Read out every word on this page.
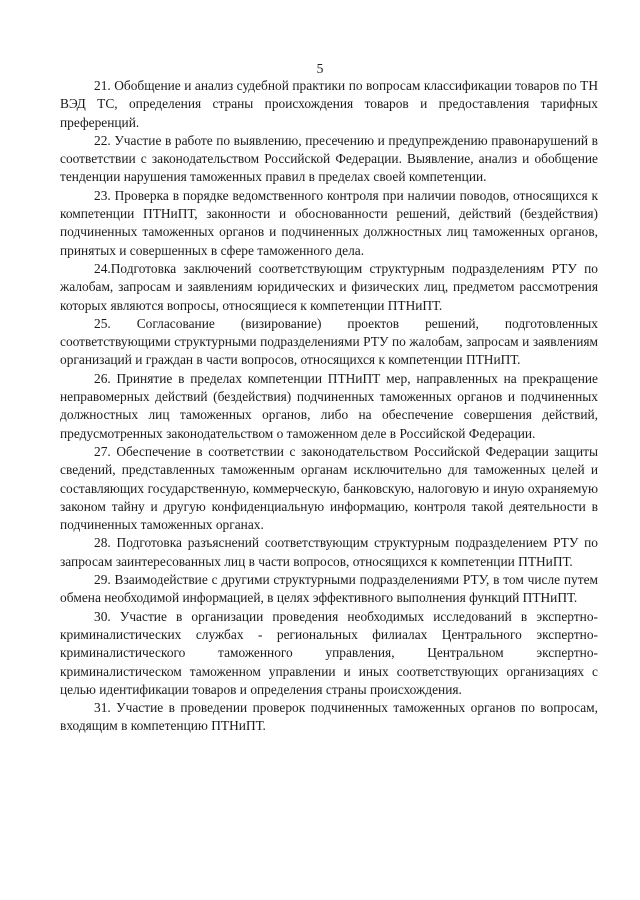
5

21. Обобщение и анализ судебной практики по вопросам классификации товаров по ТН ВЭД ТС, определения страны происхождения товаров и предоставления тарифных преференций.

22. Участие в работе по выявлению, пресечению и предупреждению правонарушений в соответствии с законодательством Российской Федерации. Выявление, анализ и обобщение тенденции нарушения таможенных правил в пределах своей компетенции.

23. Проверка в порядке ведомственного контроля при наличии поводов, относящихся к компетенции ПТНиПТ, законности и обоснованности решений, действий (бездействия) подчиненных таможенных органов и подчиненных должностных лиц таможенных органов, принятых и совершенных в сфере таможенного дела.

24.Подготовка заключений соответствующим структурным подразделениям РТУ по жалобам, запросам и заявлениям юридических и физических лиц, предметом рассмотрения которых являются вопросы, относящиеся к компетенции ПТНиПТ.

25. Согласование (визирование) проектов решений, подготовленных соответствующими структурными подразделениями РТУ по жалобам, запросам и заявлениям организаций и граждан в части вопросов, относящихся к компетенции ПТНиПТ.

26. Принятие в пределах компетенции ПТНиПТ мер, направленных на прекращение неправомерных действий (бездействия) подчиненных таможенных органов и подчиненных должностных лиц таможенных органов, либо на обеспечение совершения действий, предусмотренных законодательством о таможенном деле в Российской Федерации.

27. Обеспечение в соответствии с законодательством Российской Федерации защиты сведений, представленных таможенным органам исключительно для таможенных целей и составляющих государственную, коммерческую, банковскую, налоговую и иную охраняемую законом тайну и другую конфиденциальную информацию, контроля такой деятельности в подчиненных таможенных органах.

28. Подготовка разъяснений соответствующим структурным подразделением РТУ по запросам заинтересованных лиц в части вопросов, относящихся к компетенции ПТНиПТ.

29. Взаимодействие с другими структурными подразделениями РТУ, в том числе путем обмена необходимой информацией, в целях эффективного выполнения функций ПТНиПТ.

30. Участие в организации проведения необходимых исследований в экспертно-криминалистических службах - региональных филиалах Центрального экспертно-криминалистического таможенного управления, Центральном экспертно-криминалистическом таможенном управлении и иных соответствующих организациях с целью идентификации товаров и определения страны происхождения.

31. Участие в проведении проверок подчиненных таможенных органов по вопросам, входящим в компетенцию ПТНиПТ.
